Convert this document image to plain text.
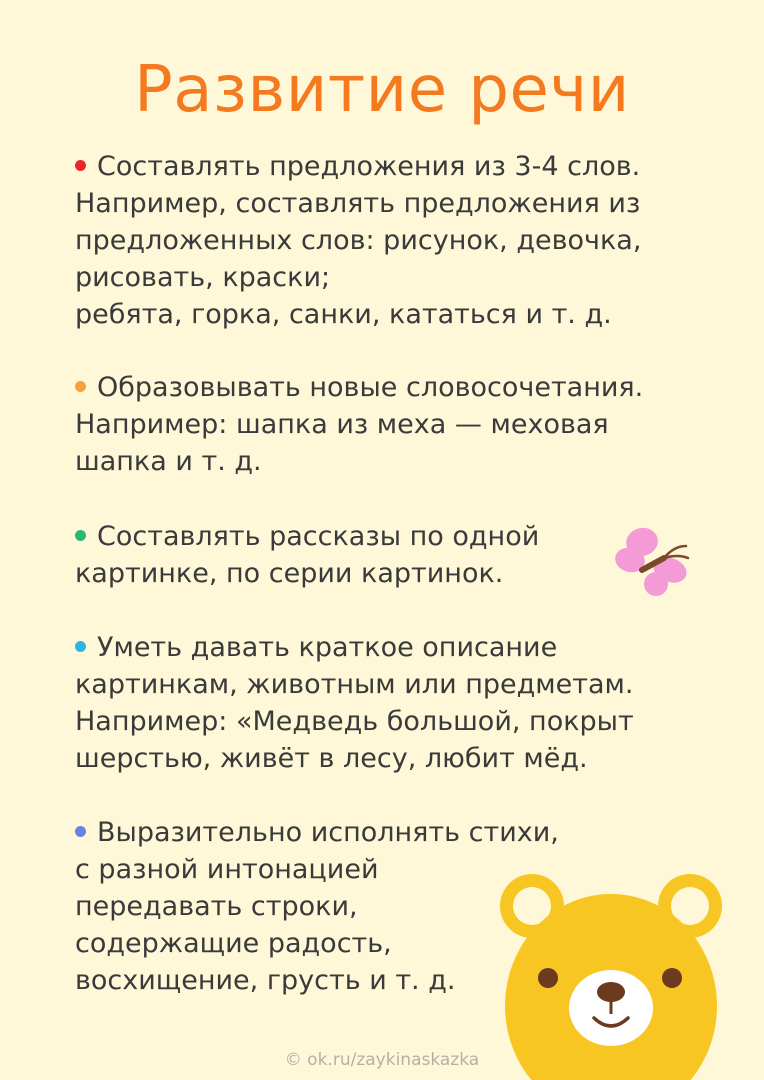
Развитие речи
Составлять предложения из 3-4 слов.
Например, составлять предложения из
предложенных слов: рисунок, девочка,
рисовать, краски;
ребята, горка, санки, кататься и т. д.
Образовывать новые словосочетания.
Например: шапка из меха — меховая
шапка и т. д.
Составлять рассказы по одной
картинке, по серии картинок.
Уметь давать краткое описание
картинкам, животным или предметам.
Например: «Медведь большой, покрыт
шерстью, живёт в лесу, любит мёд.
Выразительно исполнять стихи,
с разной интонацией
передавать строки,
содержащие радость,
восхищение, грусть и т. д.
© ok.ru/zaykinaskazka
